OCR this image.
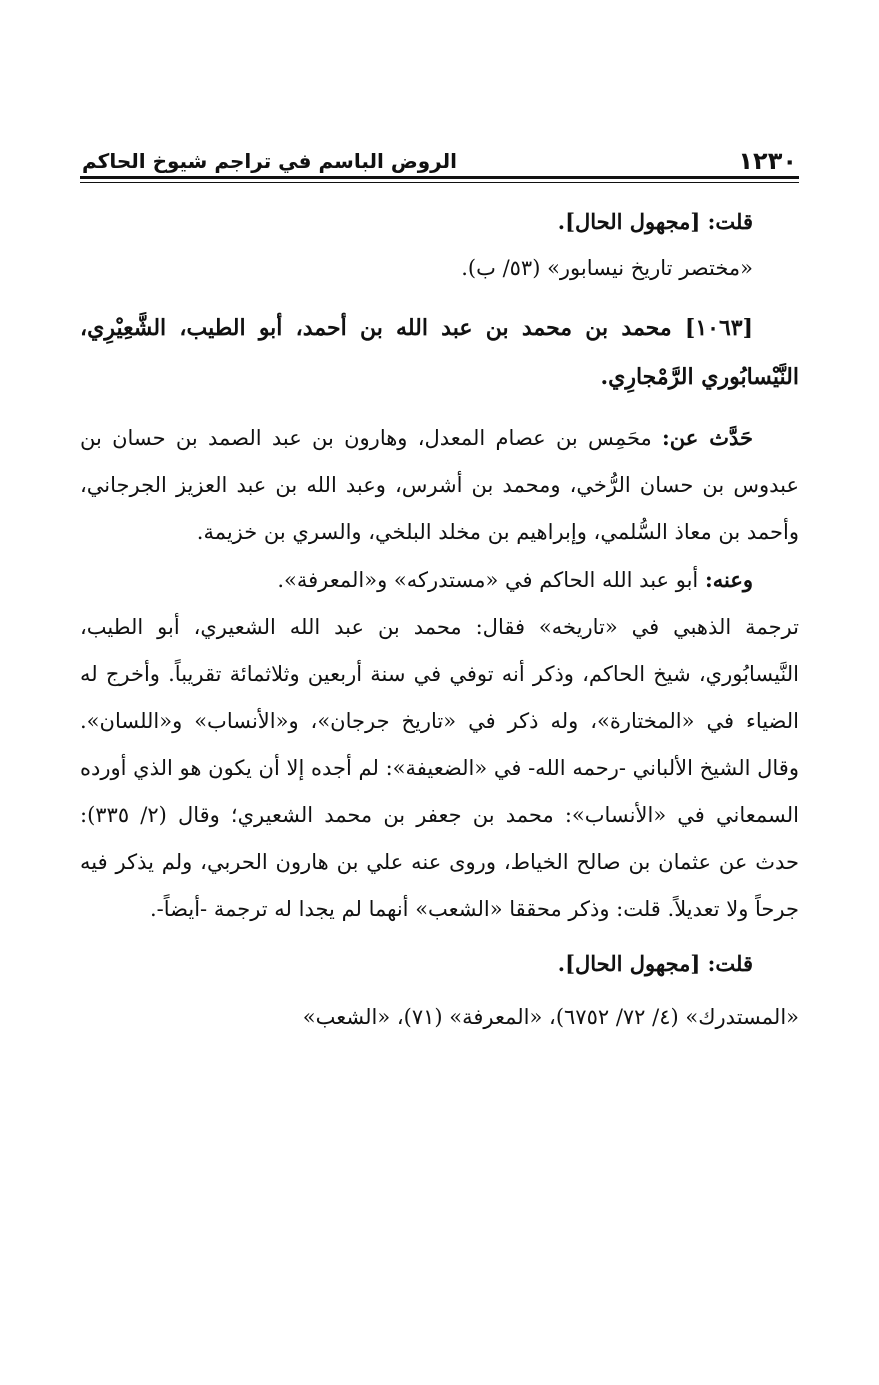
١٢٣٠
الروض الباسم في تراجم شيوخ الحاكم

قلت: [مجهول الحال].

«مختصر تاريخ نيسابور» (٥٣/ ب).

[١٠٦٣] محمد بن محمد بن عبد الله بن أحمد، أبو الطيب، الشَّعِيْرِي، النَّيْسابُوري الرَّمْجارِي.

حَدَّث عن: محَمِس بن عصام المعدل، وهارون بن عبد الصمد بن حسان بن عبدوس بن حسان الرُّخي، ومحمد بن أشرس، وعبد الله بن عبد العزيز الجرجاني، وأحمد بن معاذ السُّلمي، وإبراهيم بن مخلد البلخي، والسري بن خزيمة.

وعنه: أبو عبد الله الحاكم في «مستدركه» و«المعرفة».

ترجمة الذهبي في «تاريخه» فقال: محمد بن عبد الله الشعيري، أبو الطيب، النَّيسابُوري، شيخ الحاكم، وذكر أنه توفي في سنة أربعين وثلاثمائة تقريباً. وأخرج له الضياء في «المختارة»، وله ذكر في «تاريخ جرجان»، و«الأنساب» و«اللسان». وقال الشيخ الألباني -رحمه الله- في «الضعيفة»: لم أجده إلا أن يكون هو الذي أورده السمعاني في «الأنساب»: محمد بن جعفر بن محمد الشعيري؛ وقال (٢/ ٣٣٥): حدث عن عثمان بن صالح الخياط، وروى عنه علي بن هارون الحربي، ولم يذكر فيه جرحاً ولا تعديلاً. قلت: وذكر محققا «الشعب» أنهما لم يجدا له ترجمة -أيضاً-.

قلت: [مجهول الحال].

«المستدرك» (٤/ ٧٢/ ٦٧٥٢)، «المعرفة» (٧١)، «الشعب»
